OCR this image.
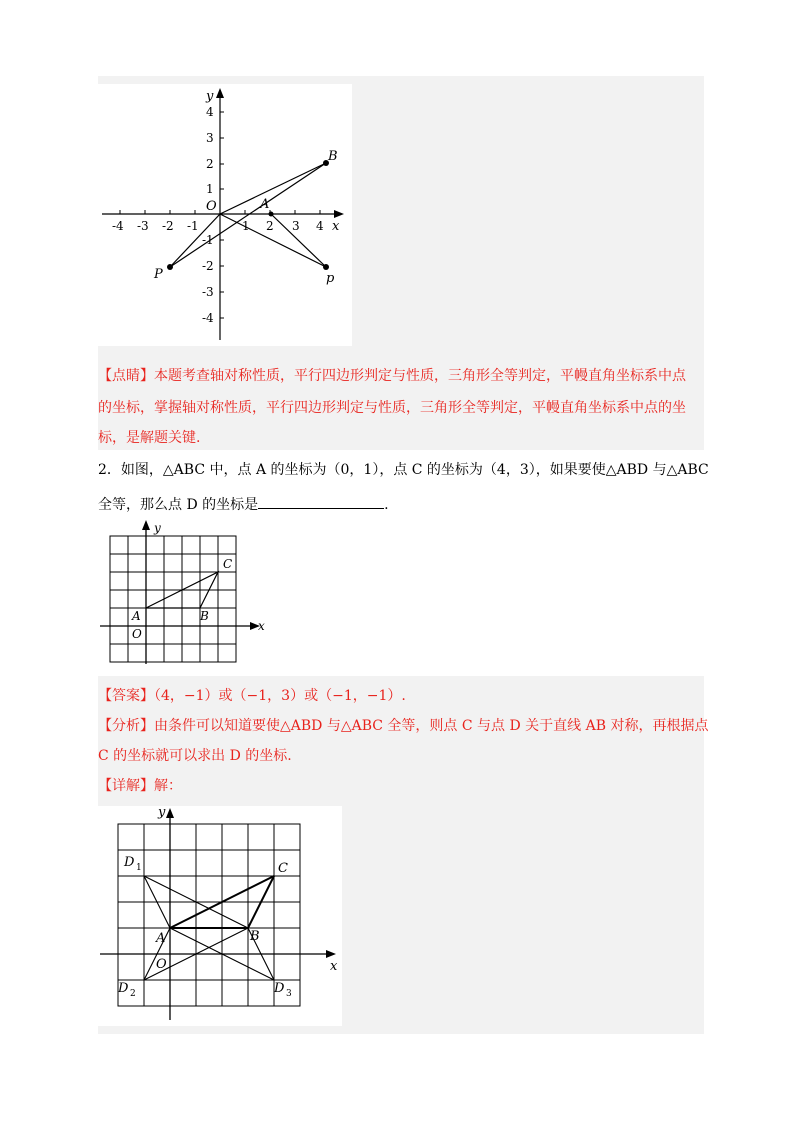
-4 -3 -2 -1	1 2 3 4
4
3
2
1
-1
-2
-3
-4
y
x
O	A
B
P	p
【点睛】本题考查轴对称性质，平行四边形判定与性质，三角形全等判定，平幔直角坐标系中点
的坐标，掌握轴对称性质，平行四边形判定与性质，三角形全等判定，平幔直角坐标系中点的坐
标，是解题关键.
2．如图，△ABC 中，点 A 的坐标为（0，1），点 C 的坐标为（4，3），如果要使△ABD 与△ABC
全等，那么点 D 的坐标是	.
y
x
C
A	B
O
【答案】（4，−1）或（−1，3）或（−1，−1）.
【分析】由条件可以知道要使△ABD 与△ABC 全等，则点 C 与点 D 关于直线 AB 对称，再根据点
C 的坐标就可以求出 D 的坐标.
【详解】解：
y
x
C
A	B
O
D 1
D 2	D 3
